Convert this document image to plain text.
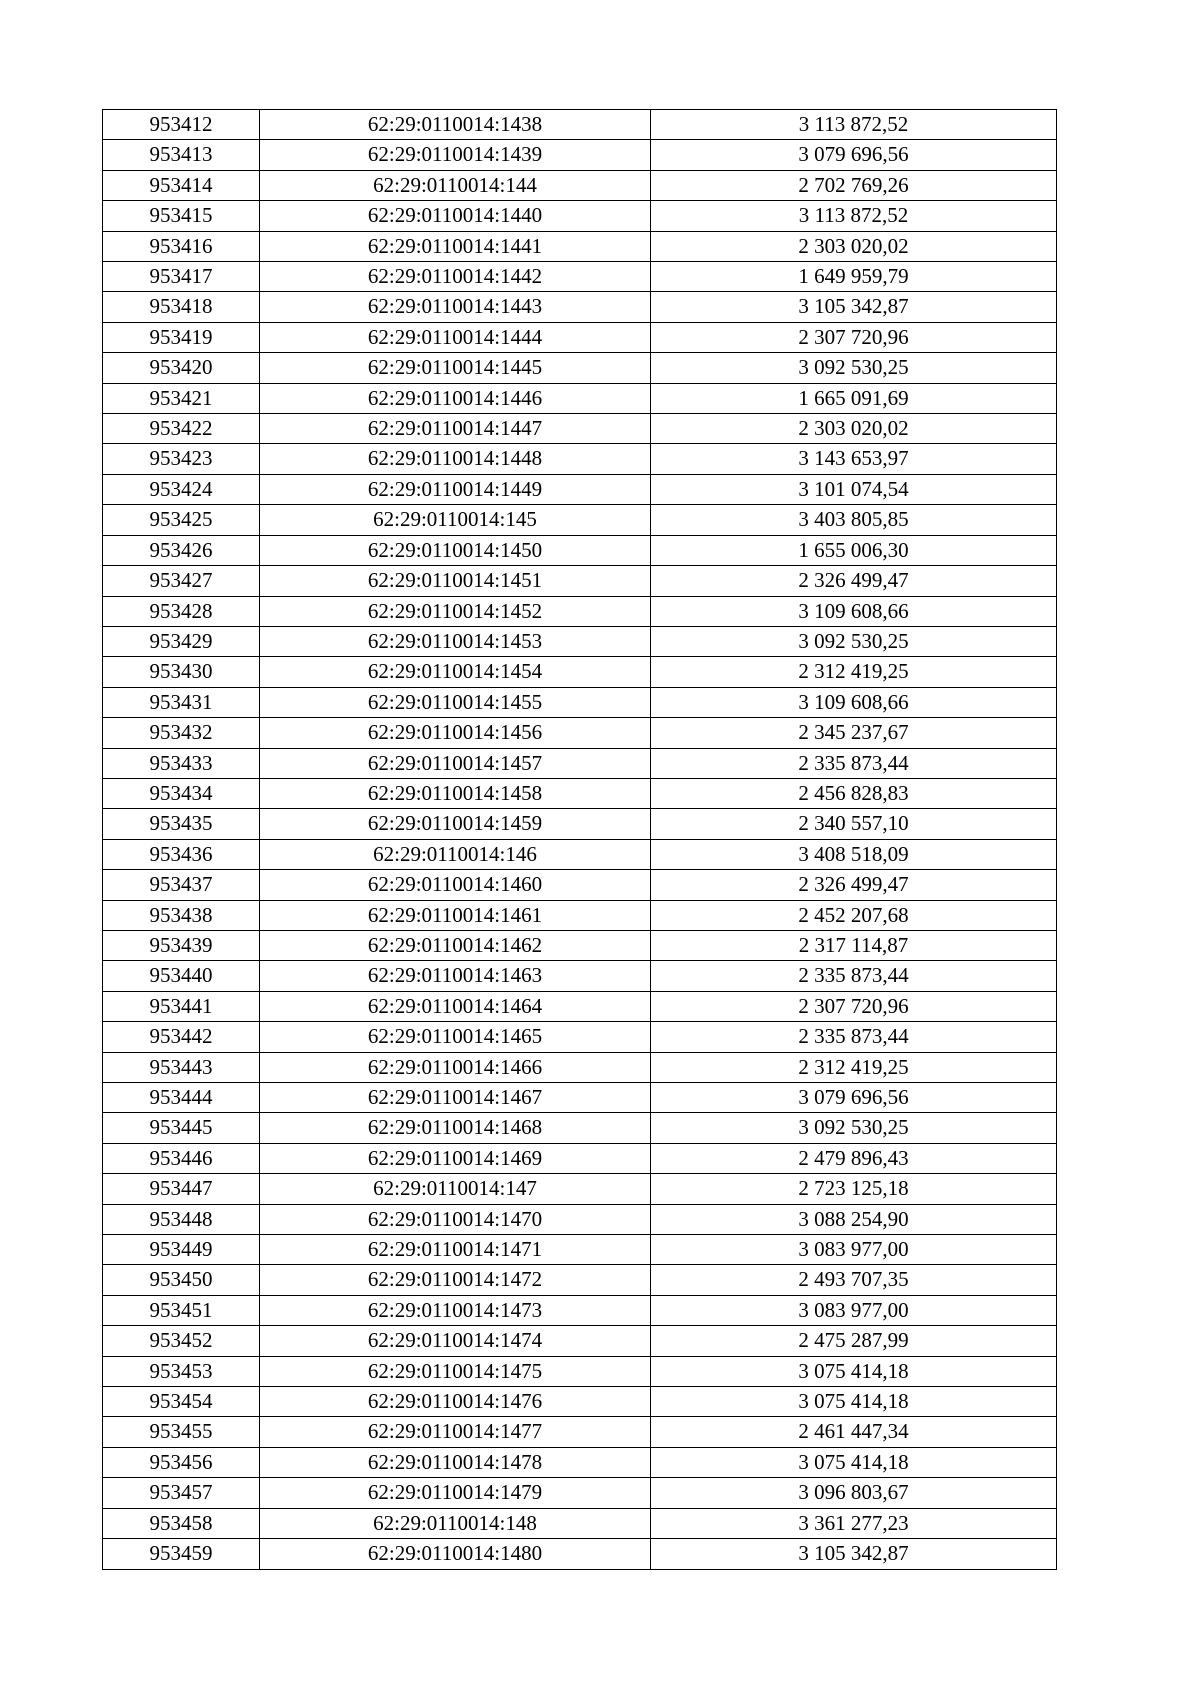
953412	62:29:0110014:1438	3 113 872,52
953413	62:29:0110014:1439	3 079 696,56
953414	62:29:0110014:144	2 702 769,26
953415	62:29:0110014:1440	3 113 872,52
953416	62:29:0110014:1441	2 303 020,02
953417	62:29:0110014:1442	1 649 959,79
953418	62:29:0110014:1443	3 105 342,87
953419	62:29:0110014:1444	2 307 720,96
953420	62:29:0110014:1445	3 092 530,25
953421	62:29:0110014:1446	1 665 091,69
953422	62:29:0110014:1447	2 303 020,02
953423	62:29:0110014:1448	3 143 653,97
953424	62:29:0110014:1449	3 101 074,54
953425	62:29:0110014:145	3 403 805,85
953426	62:29:0110014:1450	1 655 006,30
953427	62:29:0110014:1451	2 326 499,47
953428	62:29:0110014:1452	3 109 608,66
953429	62:29:0110014:1453	3 092 530,25
953430	62:29:0110014:1454	2 312 419,25
953431	62:29:0110014:1455	3 109 608,66
953432	62:29:0110014:1456	2 345 237,67
953433	62:29:0110014:1457	2 335 873,44
953434	62:29:0110014:1458	2 456 828,83
953435	62:29:0110014:1459	2 340 557,10
953436	62:29:0110014:146	3 408 518,09
953437	62:29:0110014:1460	2 326 499,47
953438	62:29:0110014:1461	2 452 207,68
953439	62:29:0110014:1462	2 317 114,87
953440	62:29:0110014:1463	2 335 873,44
953441	62:29:0110014:1464	2 307 720,96
953442	62:29:0110014:1465	2 335 873,44
953443	62:29:0110014:1466	2 312 419,25
953444	62:29:0110014:1467	3 079 696,56
953445	62:29:0110014:1468	3 092 530,25
953446	62:29:0110014:1469	2 479 896,43
953447	62:29:0110014:147	2 723 125,18
953448	62:29:0110014:1470	3 088 254,90
953449	62:29:0110014:1471	3 083 977,00
953450	62:29:0110014:1472	2 493 707,35
953451	62:29:0110014:1473	3 083 977,00
953452	62:29:0110014:1474	2 475 287,99
953453	62:29:0110014:1475	3 075 414,18
953454	62:29:0110014:1476	3 075 414,18
953455	62:29:0110014:1477	2 461 447,34
953456	62:29:0110014:1478	3 075 414,18
953457	62:29:0110014:1479	3 096 803,67
953458	62:29:0110014:148	3 361 277,23
953459	62:29:0110014:1480	3 105 342,87
